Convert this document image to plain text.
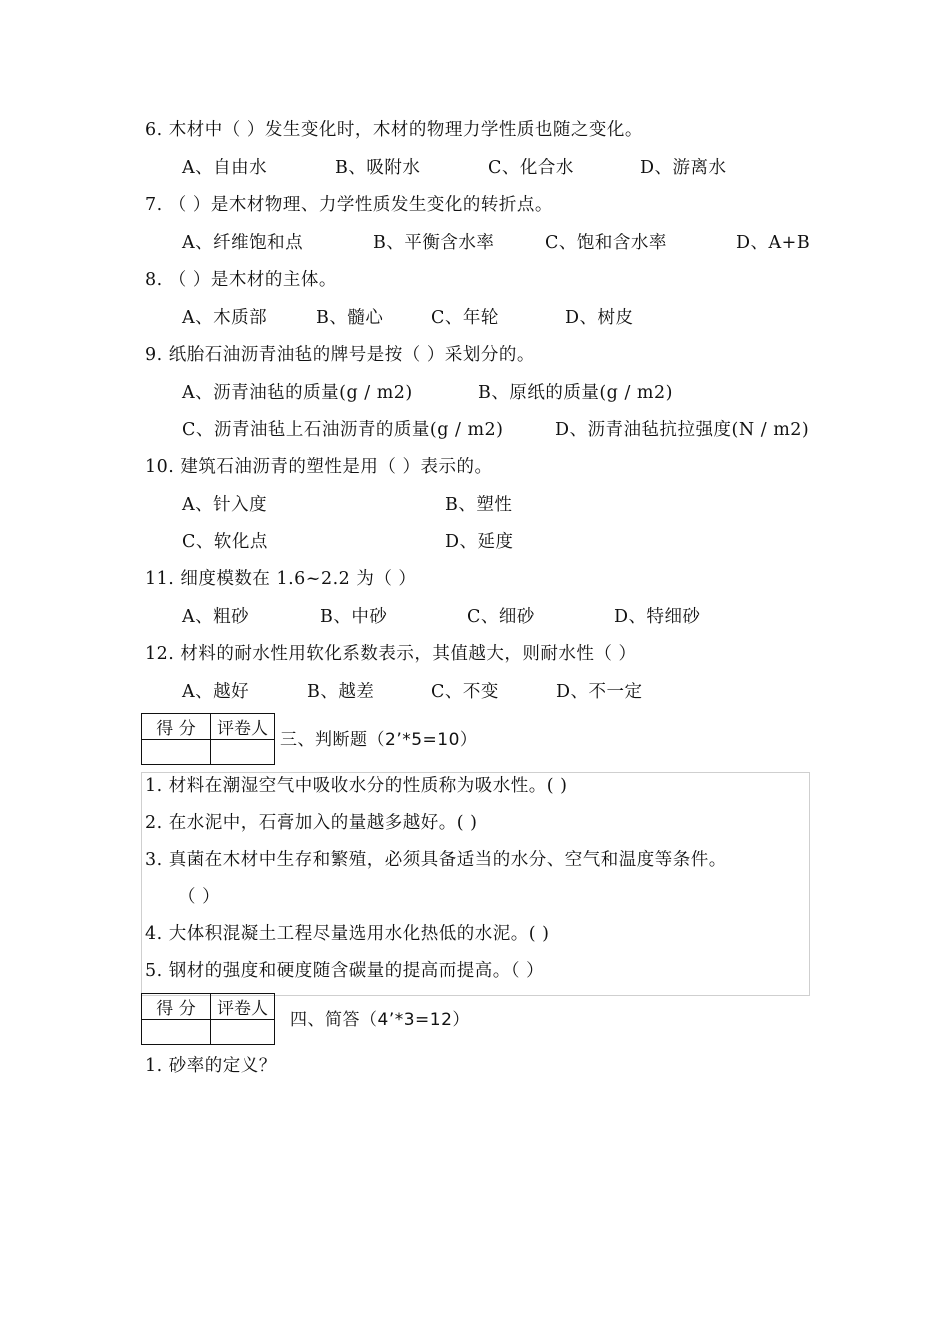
6. 木材中（ ）发生变化时，木材的物理力学性质也随之变化。
A、自由水	B、吸附水	C、化合水	D、游离水
7. （ ）是木材物理、力学性质发生变化的转折点。
A、纤维饱和点	B、平衡含水率	C、饱和含水率	D、A+B
8. （ ）是木材的主体。
A、木质部	B、髓心	C、年轮	D、树皮
9. 纸胎石油沥青油毡的牌号是按（ ）采划分的。
A、沥青油毡的质量(g / m2)	B、原纸的质量(g / m2)
C、沥青油毡上石油沥青的质量(g / m2)	D、沥青油毡抗拉强度(N / m2)
10. 建筑石油沥青的塑性是用（ ）表示的。
A、针入度	B、塑性
C、软化点	D、延度
11. 细度模数在 1.6~2.2 为（ ）
A、粗砂	B、中砂	C、细砂	D、特细砂
12. 材料的耐水性用软化系数表示，其值越大，则耐水性（ ）
A、越好	B、越差	C、不变	D、不一定
得 分	评卷人

三、判断题（2’*5=10）
1. 材料在潮湿空气中吸收水分的性质称为吸水性。( )
2. 在水泥中，石膏加入的量越多越好。( )
3. 真菌在木材中生存和繁殖，必须具备适当的水分、空气和温度等条件。
（ ）
4. 大体积混凝土工程尽量选用水化热低的水泥。( )
5. 钢材的强度和硬度随含碳量的提高而提高。（ ）
得 分	评卷人

四、简答（4’*3=12）
1. 砂率的定义？
